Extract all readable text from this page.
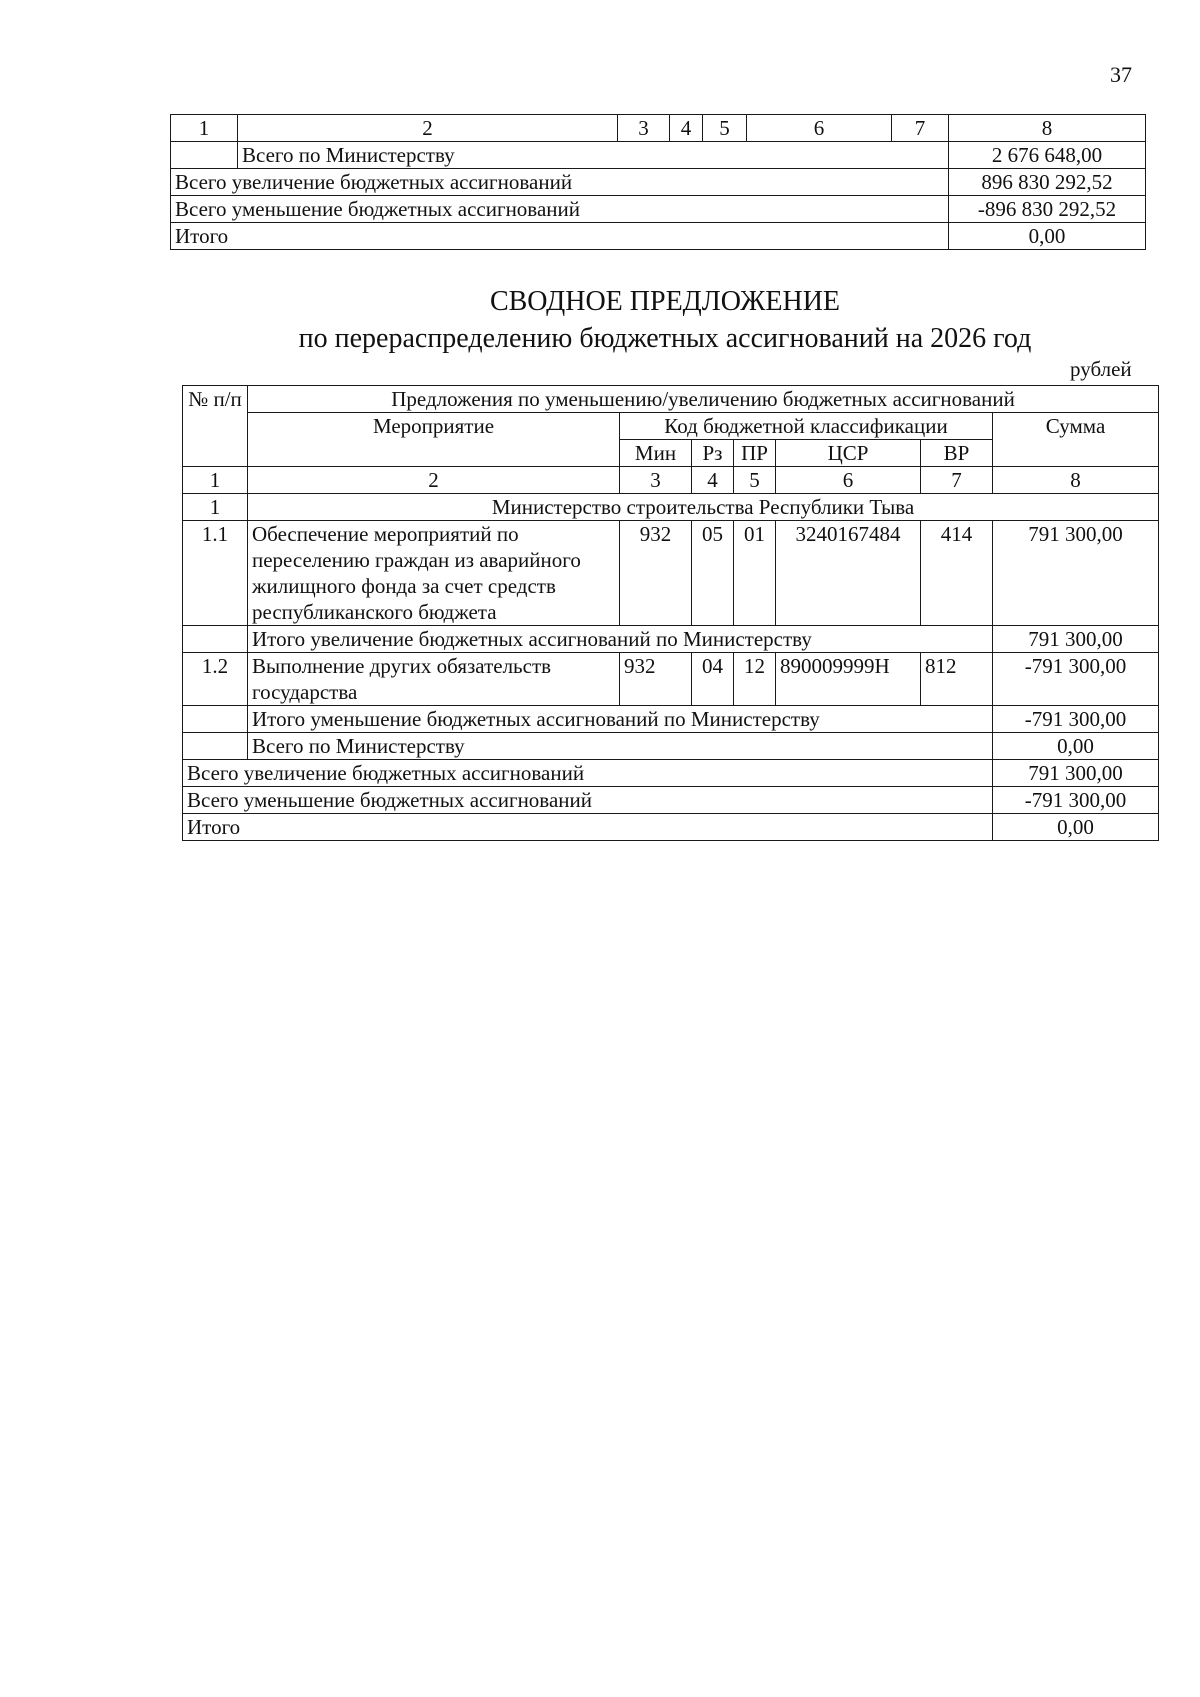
37
1	2	3	4	5	6	7	8
	Всего по Министерству						2 676 648,00
Всего увеличение бюджетных ассигнований							896 830 292,52
Всего уменьшение бюджетных ассигнований							-896 830 292,52
Итого							0,00
СВОДНОЕ ПРЕДЛОЖЕНИЕ
по перераспределению бюджетных ассигнований на 2026 год
рублей
№ п/п	Предложения по уменьшению/увеличению бюджетных ассигнований						
	Мероприятие	Код бюджетной классификации					Сумма
		Мин	Рз	ПР	ЦСР	ВР	
1	2	3	4	5	6	7	8
1	Министерство строительства Республики Тыва						
1.1	Обеспечение мероприятий по переселению граждан из аварийного жилищного фонда за счет средств республиканского бюджета	932	05	01	3240167484	414	791 300,00
	Итого увеличение бюджетных ассигнований по Министерству						791 300,00
1.2	Выполнение других обязательств государства	932	04	12	890009999Н	812	-791 300,00
	Итого уменьшение бюджетных ассигнований по Министерству						-791 300,00
	Всего по Министерству						0,00
Всего увеличение бюджетных ассигнований							791 300,00
Всего уменьшение бюджетных ассигнований							-791 300,00
Итого							0,00
